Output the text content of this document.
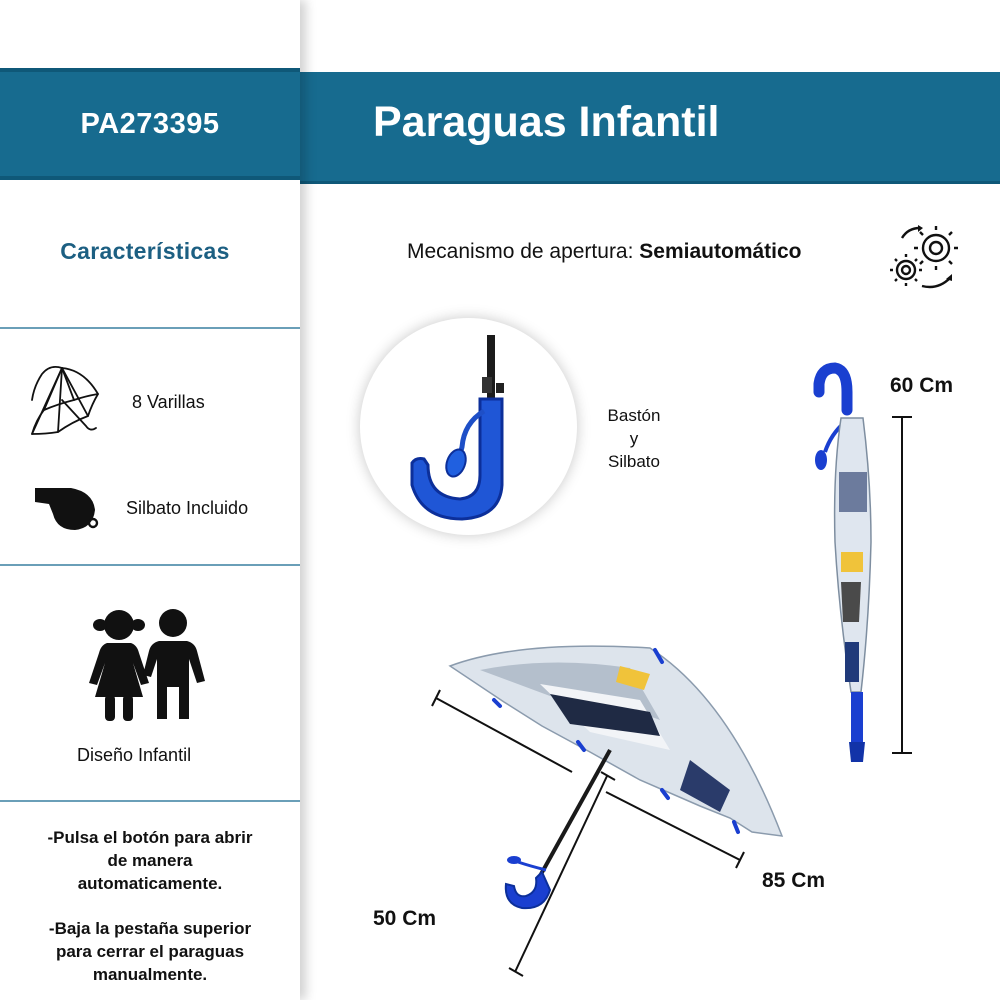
Paraguas Infantil
PA273395
Características
8 Varillas
Silbato Incluido
Diseño Infantil
-Pulsa el botón para abrir
de manera
automaticamente.
-Baja la pestaña superior
para cerrar el paraguas
manualmente.
Mecanismo de apertura: Semiautomático
Bastón
y
Silbato
60 Cm
85 Cm
50 Cm
